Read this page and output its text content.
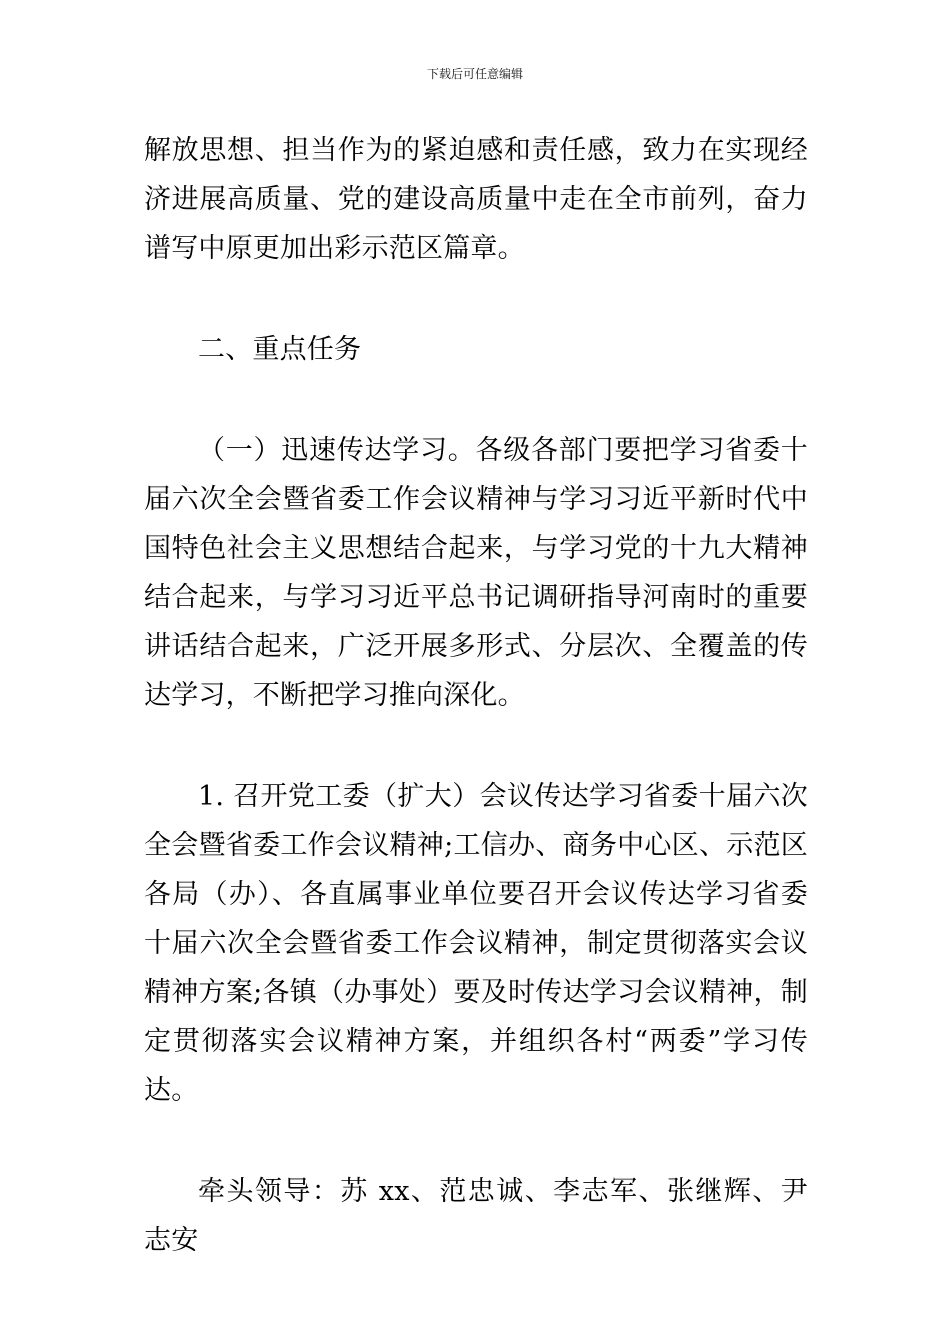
下载后可任意编辑

解放思想、担当作为的紧迫感和责任感，致力在实现经济进展高质量、党的建设高质量中走在全市前列，奋力谱写中原更加出彩示范区篇章。

二、重点任务

（一）迅速传达学习。各级各部门要把学习省委十届六次全会暨省委工作会议精神与学习习近平新时代中国特色社会主义思想结合起来，与学习党的十九大精神结合起来，与学习习近平总书记调研指导河南时的重要讲话结合起来，广泛开展多形式、分层次、全覆盖的传达学习，不断把学习推向深化。

1. 召开党工委（扩大）会议传达学习省委十届六次全会暨省委工作会议精神;工信办、商务中心区、示范区各局（办）、各直属事业单位要召开会议传达学习省委十届六次全会暨省委工作会议精神，制定贯彻落实会议精神方案;各镇（办事处）要及时传达学习会议精神，制定贯彻落实会议精神方案，并组织各村“两委”学习传达。

牵头领导：苏 xx、范忠诚、李志军、张继辉、尹志安
